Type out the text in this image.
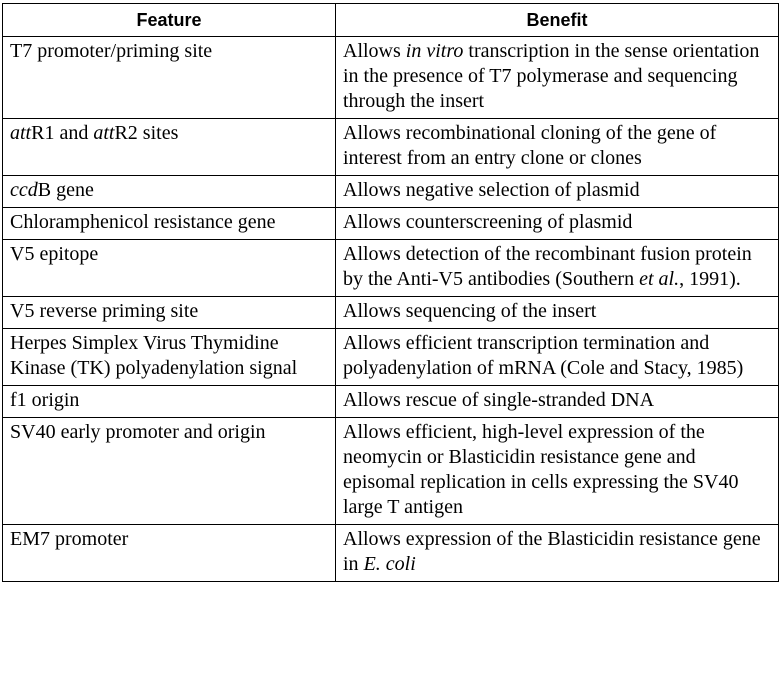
Feature	Benefit
T7 promoter/priming site	Allows in vitro transcription in the sense orientation in the presence of T7 polymerase and sequencing through the insert
attR1 and attR2 sites	Allows recombinational cloning of the gene of interest from an entry clone or clones
ccdB gene	Allows negative selection of plasmid
Chloramphenicol resistance gene	Allows counterscreening of plasmid
V5 epitope	Allows detection of the recombinant fusion protein by the Anti-V5 antibodies (Southern et al., 1991).
V5 reverse priming site	Allows sequencing of the insert
Herpes Simplex Virus Thymidine Kinase (TK) polyadenylation signal	Allows efficient transcription termination and polyadenylation of mRNA (Cole and Stacy, 1985)
f1 origin	Allows rescue of single-stranded DNA
SV40 early promoter and origin	Allows efficient, high-level expression of the neomycin or Blasticidin resistance gene and episomal replication in cells expressing the SV40 large T antigen
EM7 promoter	Allows expression of the Blasticidin resistance gene in E. coli
